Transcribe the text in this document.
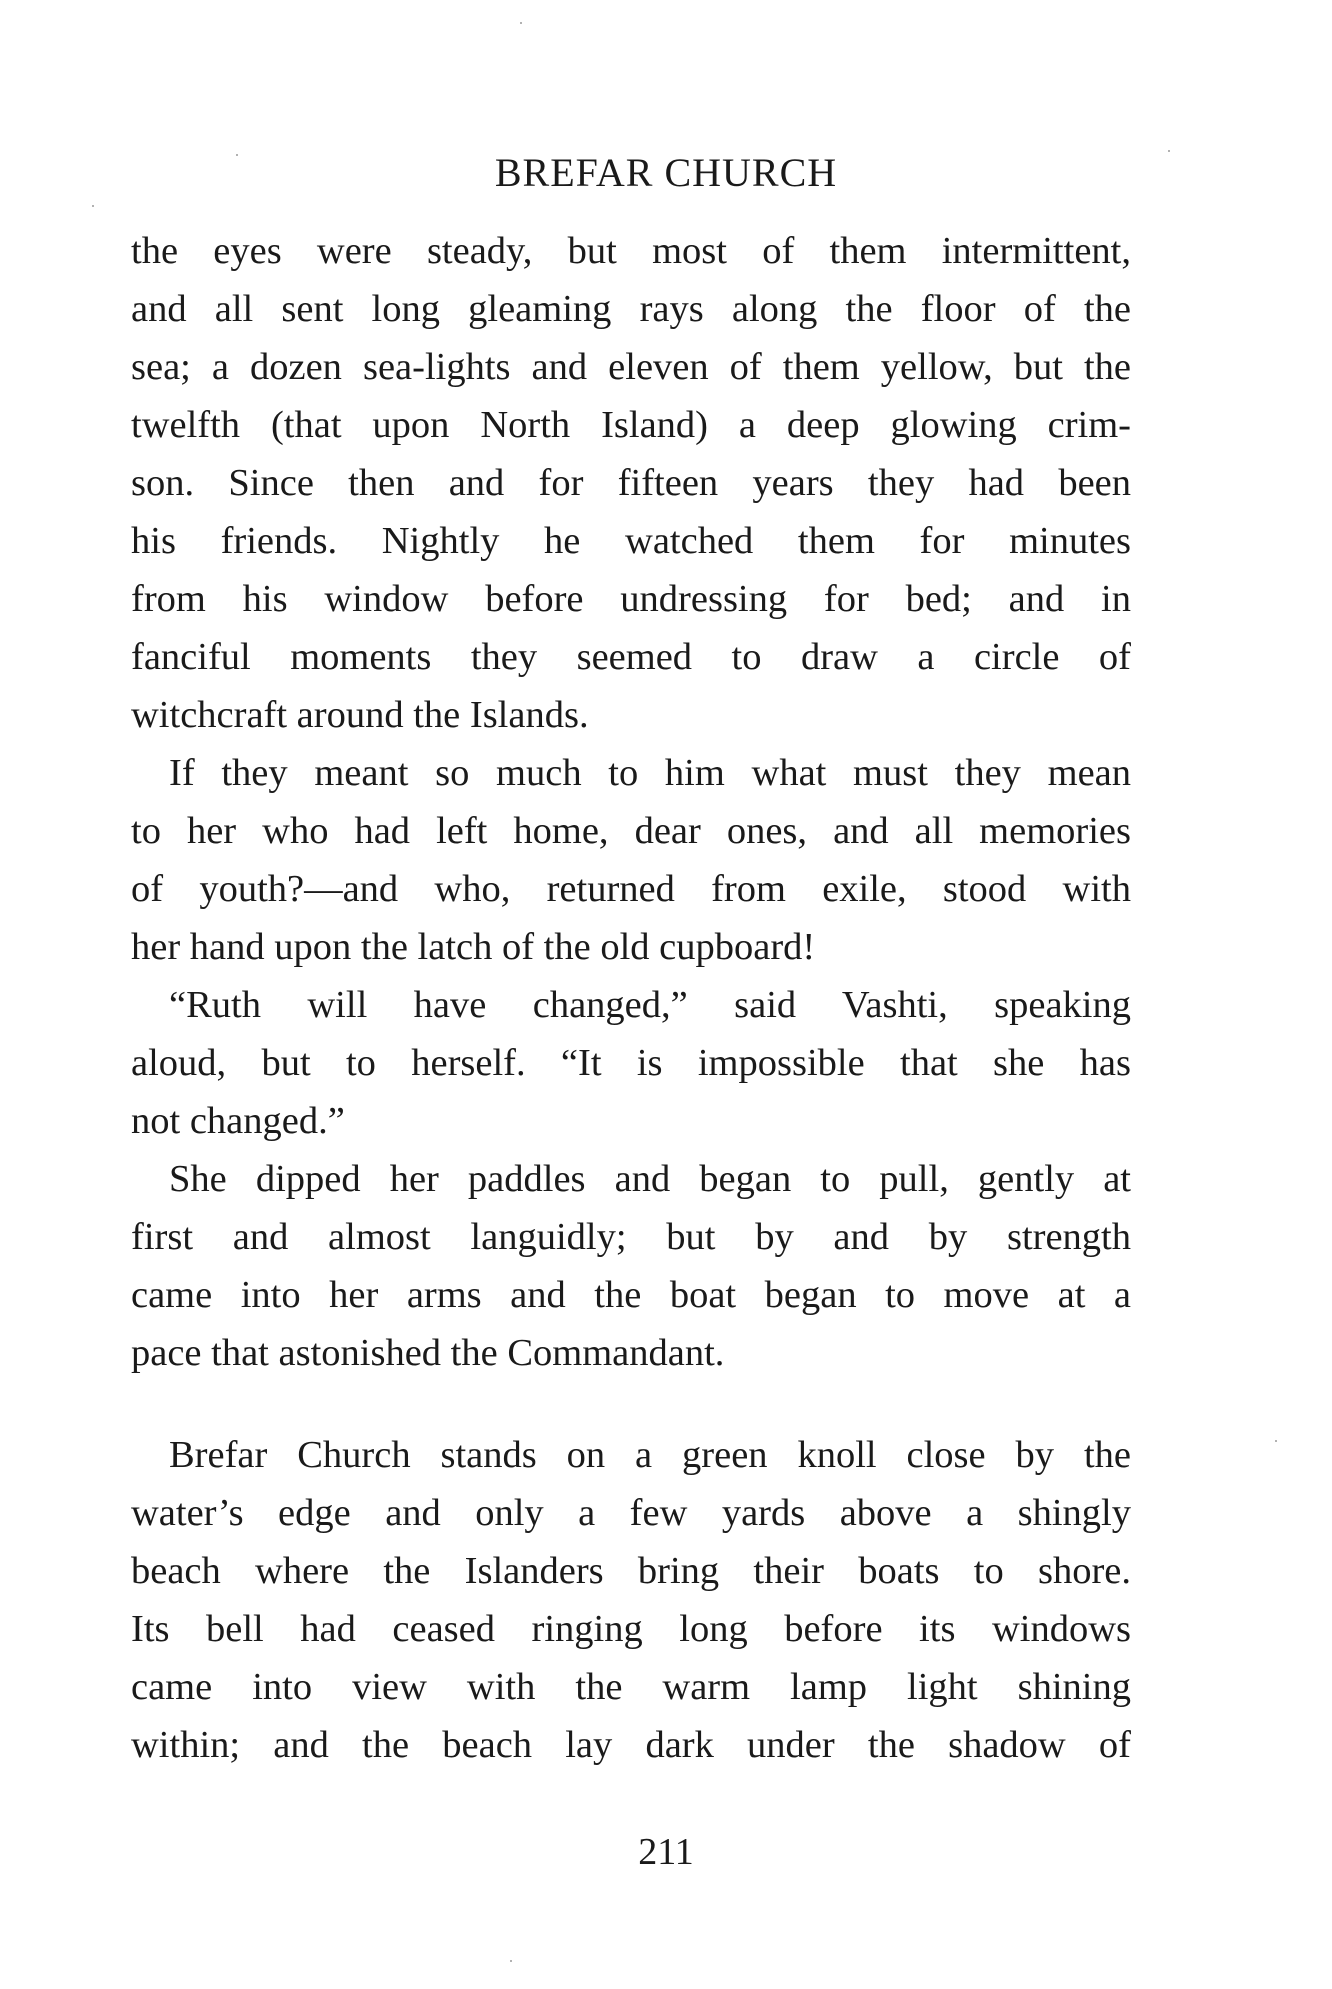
BREFAR CHURCH
the eyes were steady, but most of them intermittent,
and all sent long gleaming rays along the floor of the
sea; a dozen sea-lights and eleven of them yellow, but the
twelfth (that upon North Island) a deep glowing crim-
son. Since then and for fifteen years they had been
his friends. Nightly he watched them for minutes
from his window before undressing for bed; and in
fanciful moments they seemed to draw a circle of
witchcraft around the Islands.
If they meant so much to him what must they mean
to her who had left home, dear ones, and all memories
of youth?—and who, returned from exile, stood with
her hand upon the latch of the old cupboard!
“Ruth will have changed,” said Vashti, speaking
aloud, but to herself. “It is impossible that she has
not changed.”
She dipped her paddles and began to pull, gently at
first and almost languidly; but by and by strength
came into her arms and the boat began to move at a
pace that astonished the Commandant.
Brefar Church stands on a green knoll close by the
water’s edge and only a few yards above a shingly
beach where the Islanders bring their boats to shore.
Its bell had ceased ringing long before its windows
came into view with the warm lamp light shining
within; and the beach lay dark under the shadow of
211
